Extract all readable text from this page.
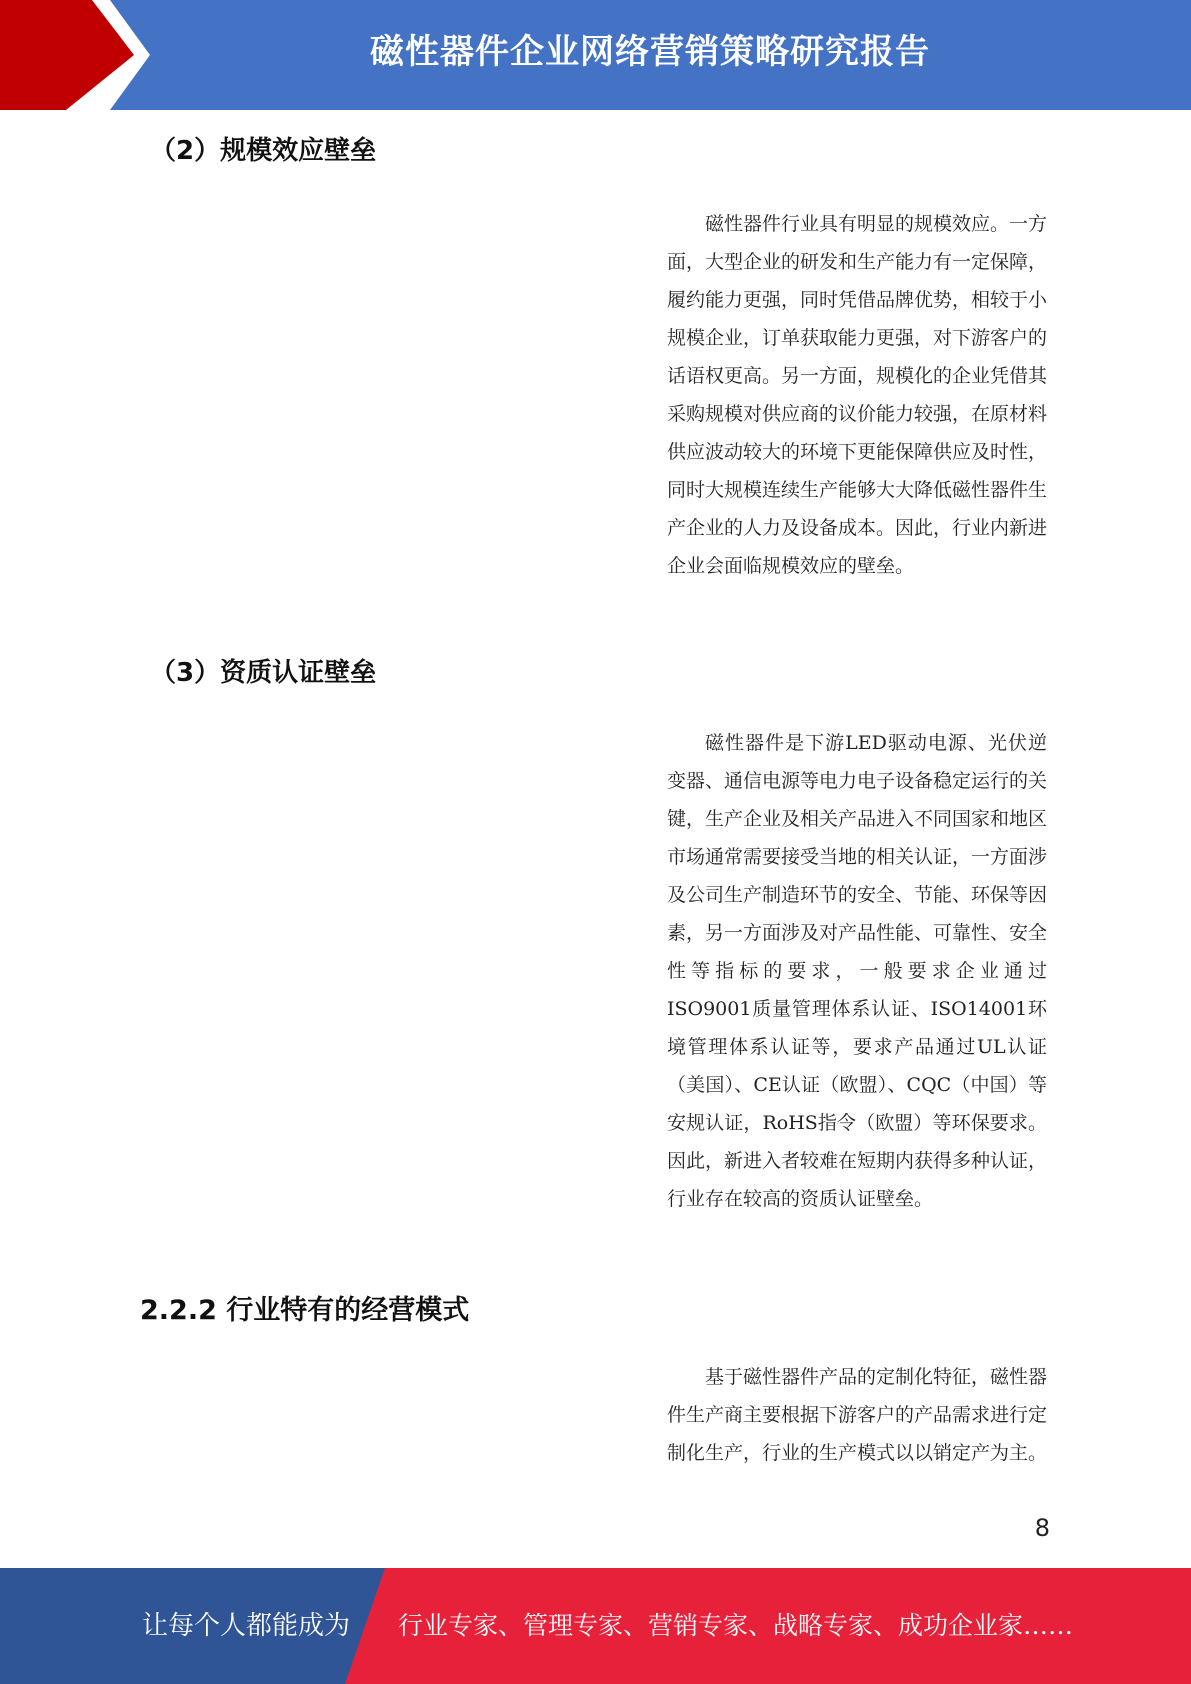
磁性器件企业网络营销策略研究报告
（2）规模效应壁垒

磁性器件行业具有明显的规模效应。一方面，大型企业的研发和生产能力有一定保障，履约能力更强，同时凭借品牌优势，相较于小规模企业，订单获取能力更强，对下游客户的话语权更高。另一方面，规模化的企业凭借其采购规模对供应商的议价能力较强，在原材料供应波动较大的环境下更能保障供应及时性，同时大规模连续生产能够大大降低磁性器件生产企业的人力及设备成本。因此，行业内新进企业会面临规模效应的壁垒。

（3）资质认证壁垒

磁性器件是下游LED驱动电源、光伏逆变器、通信电源等电力电子设备稳定运行的关键，生产企业及相关产品进入不同国家和地区市场通常需要接受当地的相关认证，一方面涉及公司生产制造环节的安全、节能、环保等因素，另一方面涉及对产品性能、可靠性、安全性等指标的要求，一般要求企业通过ISO9001质量管理体系认证、ISO14001环境管理体系认证等，要求产品通过UL认证（美国）、CE认证（欧盟）、CQC（中国）等安规认证，RoHS指令（欧盟）等环保要求。因此，新进入者较难在短期内获得多种认证，行业存在较高的资质认证壁垒。

2.2.2 行业特有的经营模式

基于磁性器件产品的定制化特征，磁性器件生产商主要根据下游客户的产品需求进行定制化生产，行业的生产模式以以销定产为主。

8
让每个人都能成为 行业专家、管理专家、营销专家、战略专家、成功企业家……
